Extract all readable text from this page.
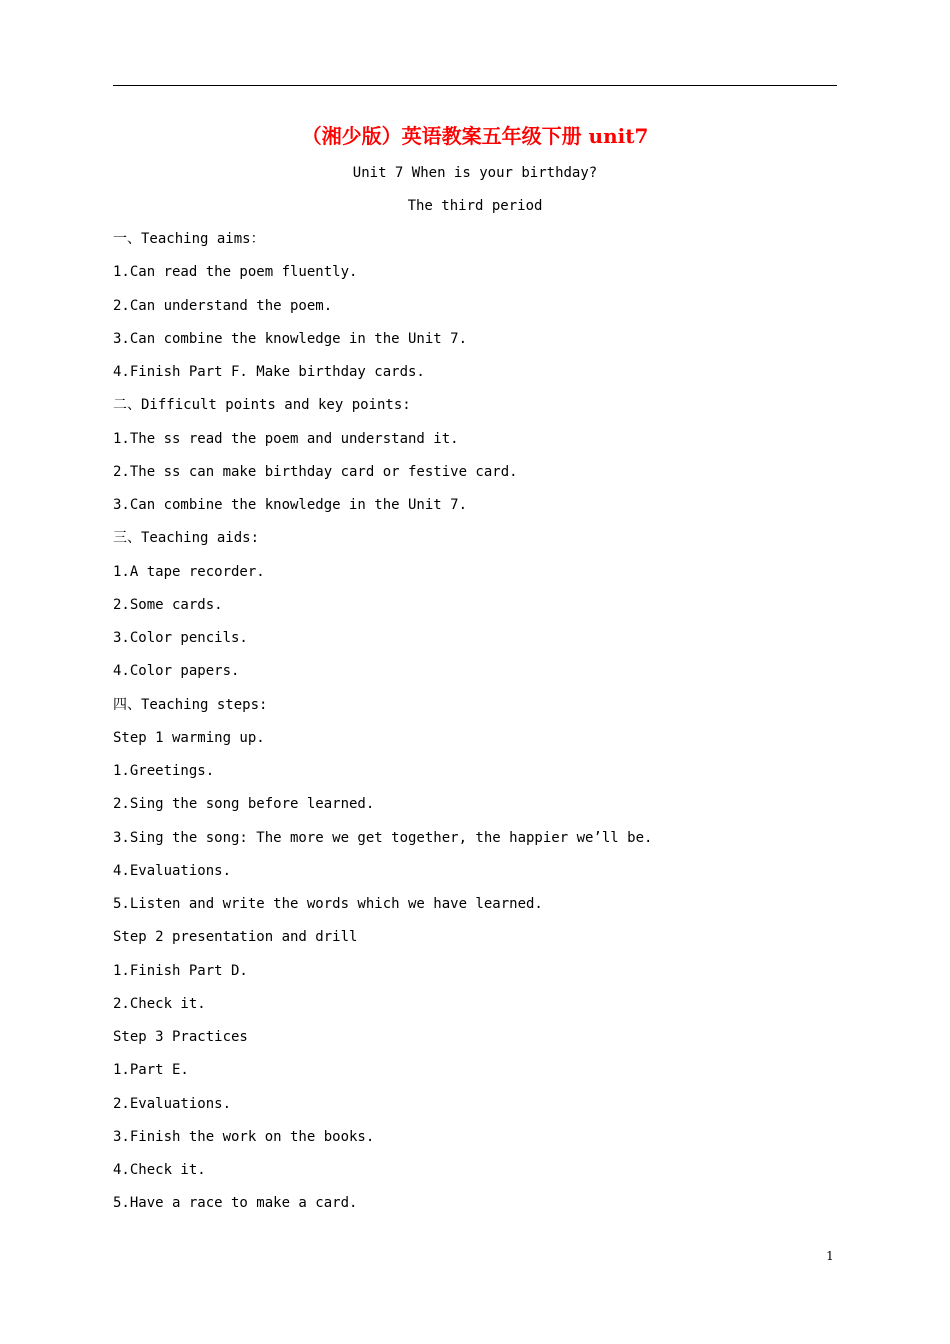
（湘少版）英语教案五年级下册 unit7
Unit 7 When is your birthday?
The third period
一、Teaching aims：
1.Can read the poem fluently.
2.Can understand the poem.
3.Can combine the knowledge in the Unit 7.
4.Finish Part F. Make birthday cards.
二、Difficult points and key points:
1.The ss read the poem and understand it.
2.The ss can make birthday card or festive card.
3.Can combine the knowledge in the Unit 7.
三、Teaching aids:
1.A tape recorder.
2.Some cards.
3.Color pencils.
4.Color papers.
四、Teaching steps:
Step 1 warming up.
1.Greetings.
2.Sing the song before learned.
3.Sing the song: The more we get together, the happier we’ll be.
4.Evaluations.
5.Listen and write the words which we have learned.
Step 2 presentation and drill
1.Finish Part D.
2.Check it.
Step 3 Practices
1.Part E.
2.Evaluations.
3.Finish the work on the books.
4.Check it.
5.Have a race to make a card.
1
